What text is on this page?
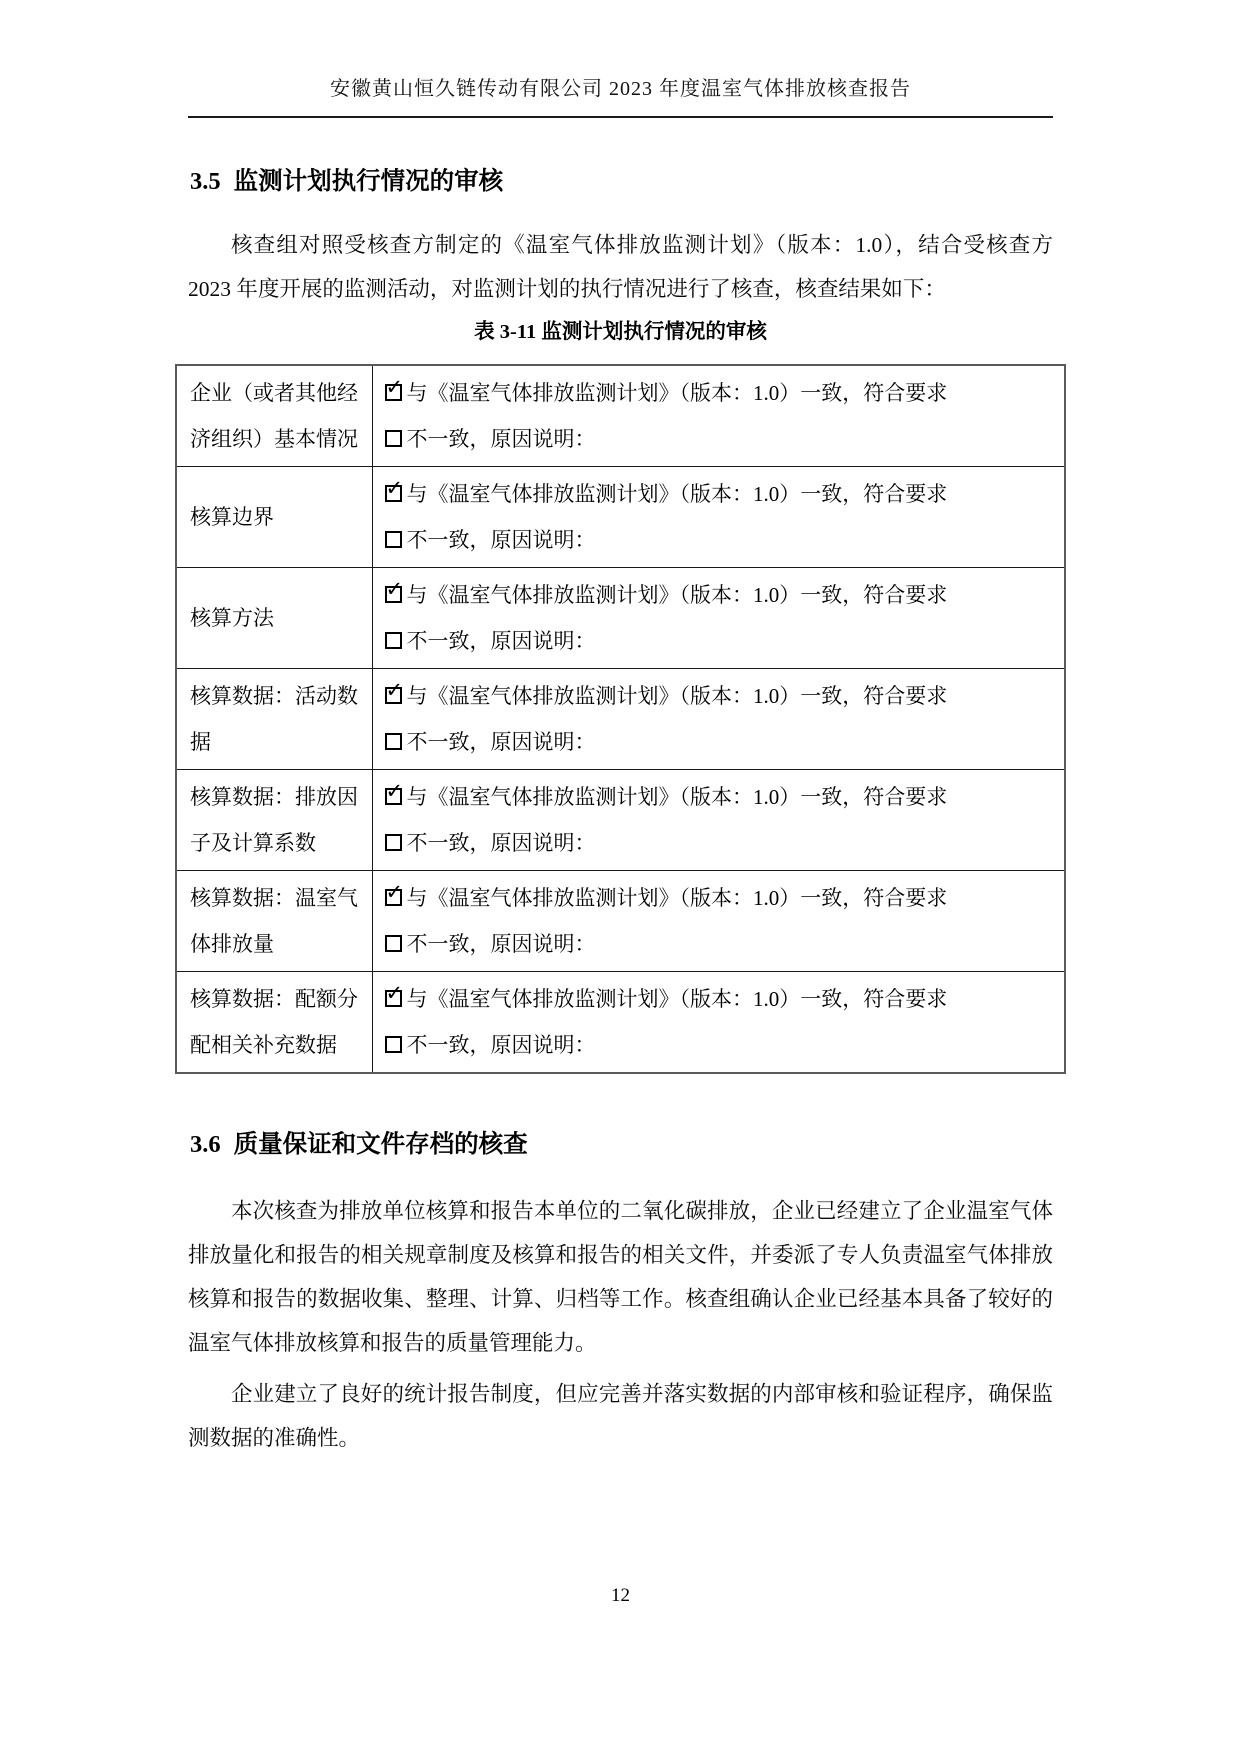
安徽黄山恒久链传动有限公司 2023 年度温室气体排放核查报告
3.5 监测计划执行情况的审核
核查组对照受核查方制定的《温室气体排放监测计划》（版本：1.0），结合受核查方 2023 年度开展的监测活动，对监测计划的执行情况进行了核查，核查结果如下：
表 3-11 监测计划执行情况的审核
企业（或者其他经济组织）基本情况	✓ 与《温室气体排放监测计划》（版本：1.0）一致，符合要求
不一致，原因说明：

核算边界	✓ 与《温室气体排放监测计划》（版本：1.0）一致，符合要求
不一致，原因说明：

核算方法	✓ 与《温室气体排放监测计划》（版本：1.0）一致，符合要求
不一致，原因说明：

核算数据：活动数据	✓ 与《温室气体排放监测计划》（版本：1.0）一致，符合要求
不一致，原因说明：

核算数据：排放因子及计算系数	✓ 与《温室气体排放监测计划》（版本：1.0）一致，符合要求
不一致，原因说明：

核算数据：温室气体排放量	✓ 与《温室气体排放监测计划》（版本：1.0）一致，符合要求
不一致，原因说明：

核算数据：配额分配相关补充数据	✓ 与《温室气体排放监测计划》（版本：1.0）一致，符合要求
不一致，原因说明：
3.6 质量保证和文件存档的核查
本次核查为排放单位核算和报告本单位的二氧化碳排放，企业已经建立了企业温室气体排放量化和报告的相关规章制度及核算和报告的相关文件，并委派了专人负责温室气体排放核算和报告的数据收集、整理、计算、归档等工作。核查组确认企业已经基本具备了较好的温室气体排放核算和报告的质量管理能力。
企业建立了良好的统计报告制度，但应完善并落实数据的内部审核和验证程序，确保监测数据的准确性。
12
